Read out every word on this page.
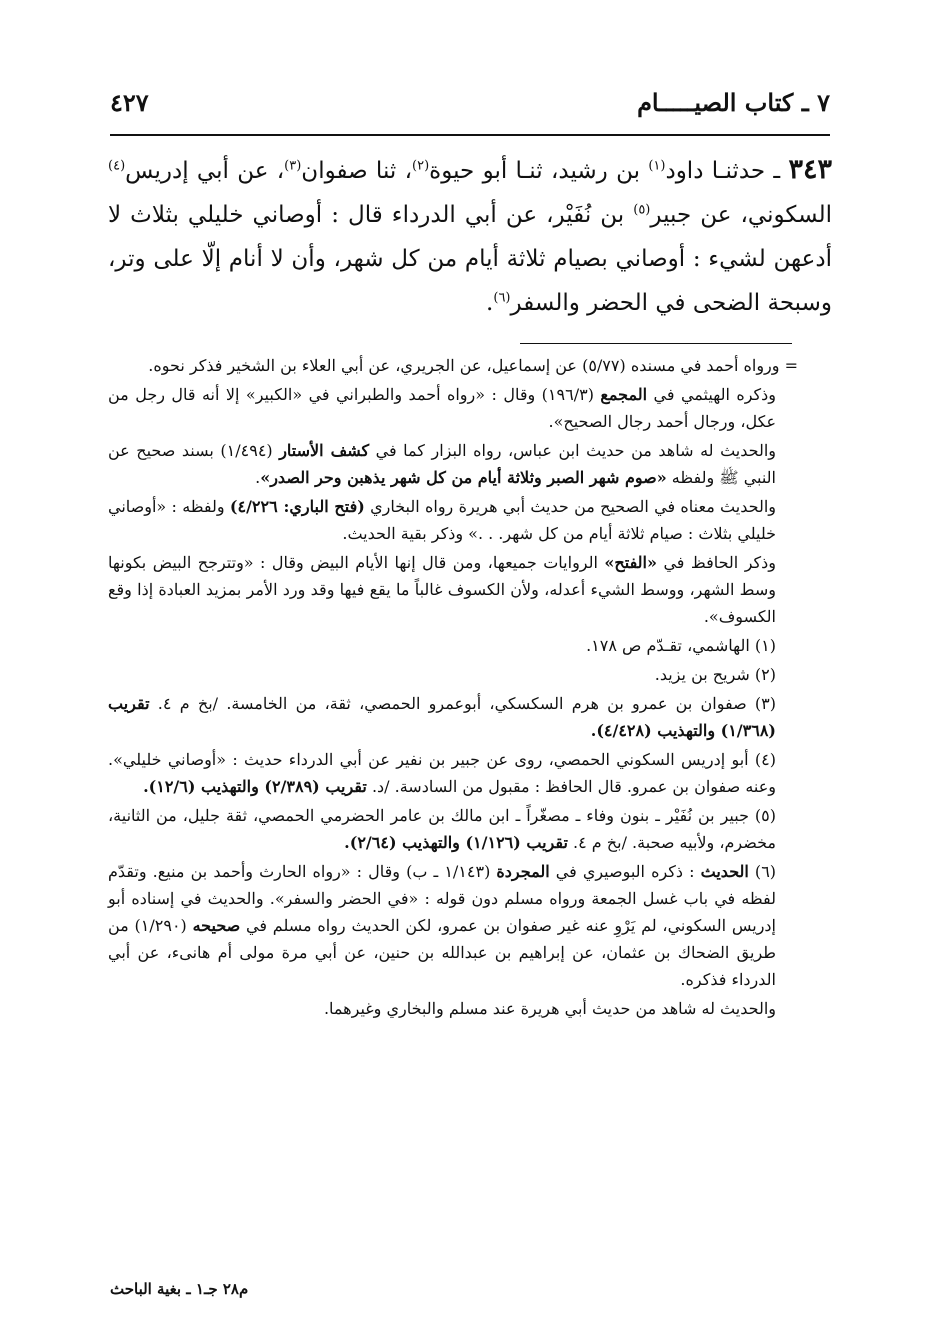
٧ ـ كتاب الصيـــــام
٤٢٧

٣٤٣ ـ حدثنـا داود$^{(١)}$ بن رشيد، ثنـا أبو حيوة$^{(٢)}$، ثنا صفوان$^{(٣)}$، عن أبي إدريس$^{(٤)}$ السكوني، عن جبير$^{(٥)}$ بن نُفَيْر، عن أبي الدرداء قال : أوصاني خليلي بثلاث لا أدعهن لشيء : أوصاني بصيام ثلاثة أيام من كل شهر، وأن لا أنام إلّا على وتر، وسبحة الضحى في الحضر والسفر$^{(٦)}$.

= ورواه أحمد في مسنده (٥/٧٧) عن إسماعيل، عن الجريري، عن أبي العلاء بن الشخير فذكر نحوه.

وذكره الهيثمي في المجمع (١٩٦/٣) وقال : «رواه أحمد والطبراني في «الكبير» إلا أنه قال رجل من عكل، ورجال أحمد رجال الصحيح».

والحديث له شاهد من حديث ابن عباس، رواه البزار كما في كشف الأستار (١/٤٩٤) بسند صحيح عن النبي ﷺ ولفظه «صوم شهر الصبر وثلاثة أيام من كل شهر يذهبن وحر الصدر».

والحديث معناه في الصحيح من حديث أبي هريرة رواه البخاري (فتح الباري: ٤/٢٢٦) ولفظه : «أوصاني خليلي بثلاث : صيام ثلاثة أيام من كل شهر. . .» وذكر بقية الحديث.

وذكر الحافظ في «الفتح» الروايات جميعها، ومن قال إنها الأيام البيض وقال : «وتترجح البيض بكونها وسط الشهر، ووسط الشيء أعدله، ولأن الكسوف غالباً ما يقع فيها وقد ورد الأمر بمزيد العبادة إذا وقع الكسوف».

(١) الهاشمي، تقـدّم ص ١٧٨.

(٢) شريح بن يزيد.

(٣) صفوان بن عمرو بن هرم السكسكي، أبوعمرو الحمصي، ثقة، من الخامسة. /بخ م ٤. تقريب (١/٣٦٨) والتهذيب (٤/٤٢٨).

(٤) أبو إدريس السكوني الحمصي، روى عن جبير بن نفير عن أبي الدرداء حديث : «أوصاني خليلي». وعنه صفوان بن عمرو. قال الحافظ : مقبول من السادسة. /د. تقريب (٢/٣٨٩) والتهذيب (١٢/٦).

(٥) جبير بن نُفَيْر ـ بنون وفاء ـ مصغّراً ـ ابن مالك بن عامر الحضرمي الحمصي، ثقة جليل، من الثانية، مخضرم، ولأبيه صحبة. /بخ م ٤. تقريب (١/١٢٦) والتهذيب (٢/٦٤).

(٦) الحديث : ذكره البوصيري في المجردة (١/١٤٣ ـ ب) وقال : «رواه الحارث وأحمد بن منيع. وتقدّم لفظه في باب غسل الجمعة ورواه مسلم دون قوله : «في الحضر والسفر». والحديث في إسناده أبو إدريس السكوني، لم يَرْوِ عنه غير صفوان بن عمرو، لكن الحديث رواه مسلم في صحيحه (١/٢٩٠) من طريق الضحاك بن عثمان، عن إبراهيم بن عبدالله بن حنين، عن أبي مرة مولى أم هانىء، عن أبي الدرداء فذكره.

والحديث له شاهد من حديث أبي هريرة عند مسلم والبخاري وغيرهما.

م٢٨ جـ١ ـ بغية الباحث
